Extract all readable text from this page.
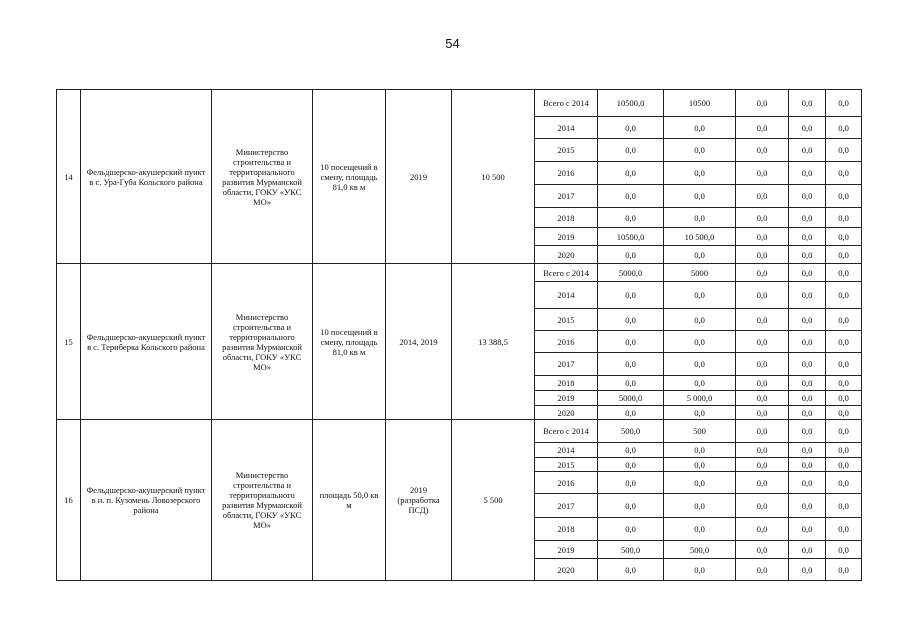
54
14	Фельдшерско-акушерский пункт в с. Ура-Губа Кольского района	Министерство строительства и территориального развития Мурманской области, ГОКУ «УКС МО»	10 посещений в смену, площадь 81,0 кв м	2019	10 500	Всего с 2014	10500,0	10500	0,0	0,0	0,0
						2014	0,0	0,0	0,0	0,0	0,0
						2015	0,0	0,0	0,0	0,0	0,0
						2016	0,0	0,0	0,0	0,0	0,0
						2017	0,0	0,0	0,0	0,0	0,0
						2018	0,0	0,0	0,0	0,0	0,0
						2019	10500,0	10 500,0	0,0	0,0	0,0
						2020	0,0	0,0	0,0	0,0	0,0
15	Фельдшерско-акушерский пункт в с. Териберка Кольского района	Министерство строительства и территориального развития Мурманской области, ГОКУ «УКС МО»	10 посещений в смену, площадь 81,0 кв м	2014, 2019	13 388,5	Всего с 2014	5000,0	5000	0,0	0,0	0,0
						2014	0,0	0,0	0,0	0,0	0,0
						2015	0,0	0,0	0,0	0,0	0,0
						2016	0,0	0,0	0,0	0,0	0,0
						2017	0,0	0,0	0,0	0,0	0,0
						2018	0,0	0,0	0,0	0,0	0,0
						2019	5000,0	5 000,0	0,0	0,0	0,0
						2020	0,0	0,0	0,0	0,0	0,0
16	Фельдшерско-акушерский пункт в н. п. Кузомень Ловозерского района	Министерство строительства и территориального развития Мурманской области, ГОКУ «УКС МО»	площадь 50,0 кв м	2019 (разработка ПСД)	5 500	Всего с 2014	500,0	500	0,0	0,0	0,0
						2014	0,0	0,0	0,0	0,0	0,0
						2015	0,0	0,0	0,0	0,0	0,0
						2016	0,0	0,0	0,0	0,0	0,0
						2017	0,0	0,0	0,0	0,0	0,0
						2018	0,0	0,0	0,0	0,0	0,0
						2019	500,0	500,0	0,0	0,0	0,0
						2020	0,0	0,0	0,0	0,0	0,0
